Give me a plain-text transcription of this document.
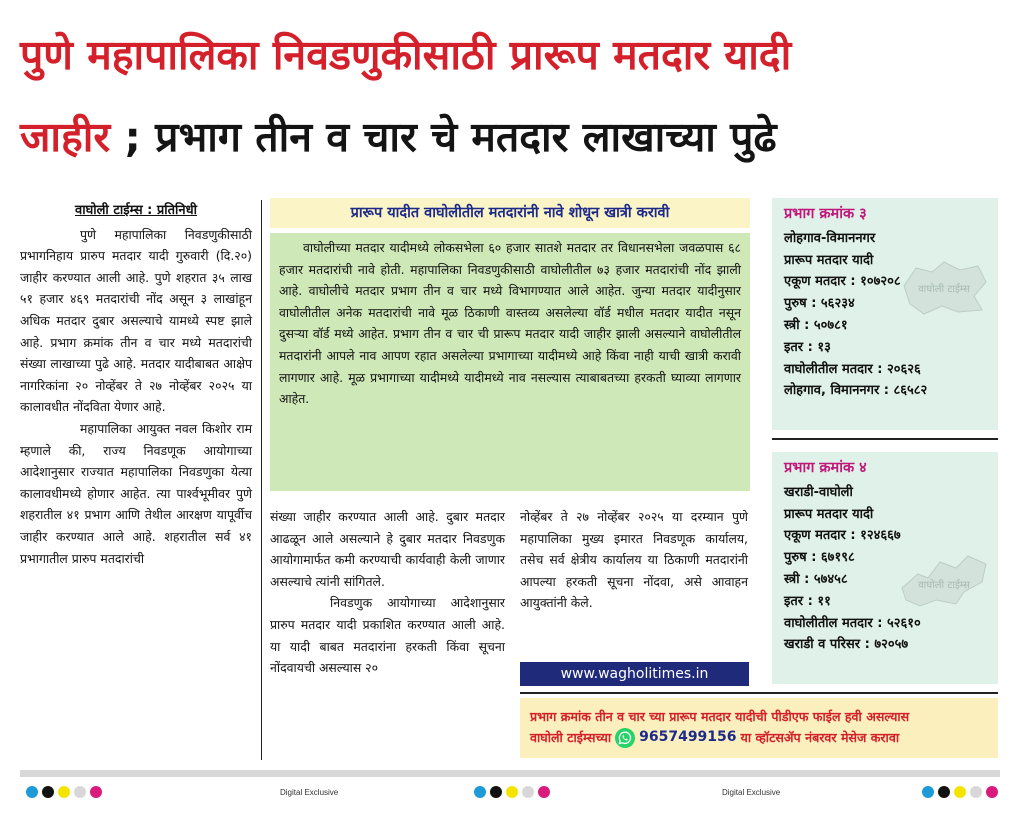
पुणे महापालिका निवडणुकीसाठी प्रारूप मतदार यादी
जाहीर ; प्रभाग तीन व चार चे मतदार लाखाच्या पुढे
वाघोली टाईम्स : प्रतिनिधी

पुणे महापालिका निवडणुकीसाठी प्रभागनिहाय प्रारुप मतदार यादी गुरुवारी (दि.२०) जाहीर करण्यात आली आहे. पुणे शहरात ३५ लाख ५१ हजार ४६९ मतदारांची नोंद असून ३ लाखांहून अधिक मतदार दुबार असल्याचे यामध्ये स्पष्ट झाले आहे. प्रभाग क्रमांक तीन व चार मध्ये मतदारांची संख्या लाखाच्या पुढे आहे. मतदार यादीबाबत आक्षेप नागरिकांना २० नोव्हेंबर ते २७ नोव्हेंबर २०२५ या कालावधीत नोंदविता येणार आहे.

महापालिका आयुक्त नवल किशोर राम म्हणाले की, राज्य निवडणूक आयोगाच्या आदेशानुसार राज्यात महापालिका निवडणुका येत्या कालावधीमध्ये होणार आहेत. त्या पार्श्वभूमीवर पुणे शहरातील ४१ प्रभाग आणि तेथील आरक्षण यापूर्वीच जाहीर करण्यात आले आहे. शहरातील सर्व ४१ प्रभागातील प्रारुप मतदारांची

प्रारूप यादीत वाघोलीतील मतदारांनी नावे शोधून खात्री करावी

वाघोलीच्या मतदार यादीमध्ये लोकसभेला ६० हजार सातशे मतदार तर विधानसभेला जवळपास ६८ हजार मतदारांची नावे होती. महापालिका निवडणुकीसाठी वाघोलीतील ७३ हजार मतदारांची नोंद झाली आहे. वाघोलीचे मतदार प्रभाग तीन व चार मध्ये विभागण्यात आले आहेत. जुन्या मतदार यादीनुसार वाघोलीतील अनेक मतदारांची नावे मूळ ठिकाणी वास्तव्य असलेल्या वॉर्ड मधील मतदार यादीत नसून दुसऱ्या वॉर्ड मध्ये आहेत. प्रभाग तीन व चार ची प्रारूप मतदार यादी जाहीर झाली असल्याने वाघोलीतील मतदारांनी आपले नाव आपण रहात असलेल्या प्रभागाच्या यादीमध्ये आहे किंवा नाही याची खात्री करावी लागणार आहे. मूळ प्रभागाच्या यादीमध्ये यादीमध्ये नाव नसल्यास त्याबाबतच्या हरकती घ्याव्या लागणार आहेत.

संख्या जाहीर करण्यात आली आहे. दुबार मतदार आढळून आले असल्याने हे दुबार मतदार निवडणुक आयोगामार्फत कमी करण्याची कार्यवाही केली जाणार असल्याचे त्यांनी सांगितले.

निवडणुक आयोगाच्या आदेशानुसार प्रारुप मतदार यादी प्रकाशित करण्यात आली आहे. या यादी बाबत मतदारांना हरकती किंवा सूचना नोंदवायची असल्यास २०

नोव्हेंबर ते २७ नोव्हेंबर २०२५ या दरम्यान पुणे महापालिका मुख्य इमारत निवडणूक कार्यालय, तसेच सर्व क्षेत्रीय कार्यालय या ठिकाणी मतदारांनी आपल्या हरकती सूचना नोंदवा, असे आवाहन आयुक्तांनी केले.

www.wagholitimes.in
वाघोली टाईम्स
प्रभाग क्रमांक ३
लोहगाव-विमाननगर
प्रारूप मतदार यादी
एकूण मतदार : १०७२०८
पुरुष : ५६२३४
स्त्री : ५०७८१
इतर : १३
वाघोलीतील मतदार : २०६२६
लोहगाव, विमाननगर : ८६५८२
वाघोली टाईम्स
प्रभाग क्रमांक ४
खराडी-वाघोली
प्रारूप मतदार यादी
एकूण मतदार : १२४६६७
पुरुष : ६७१९८
स्त्री : ५७४५८
इतर : ११
वाघोलीतील मतदार : ५२६१०
खराडी व परिसर : ७२०५७
प्रभाग क्रमांक तीन व चार च्या प्रारूप मतदार यादीची पीडीएफ फाईल हवी असल्यास
वाघोली टाईम्सच्या 9657499156 या व्हॉटसॲप नंबरवर मेसेज करावा
Digital Exclusive	Digital Exclusive
